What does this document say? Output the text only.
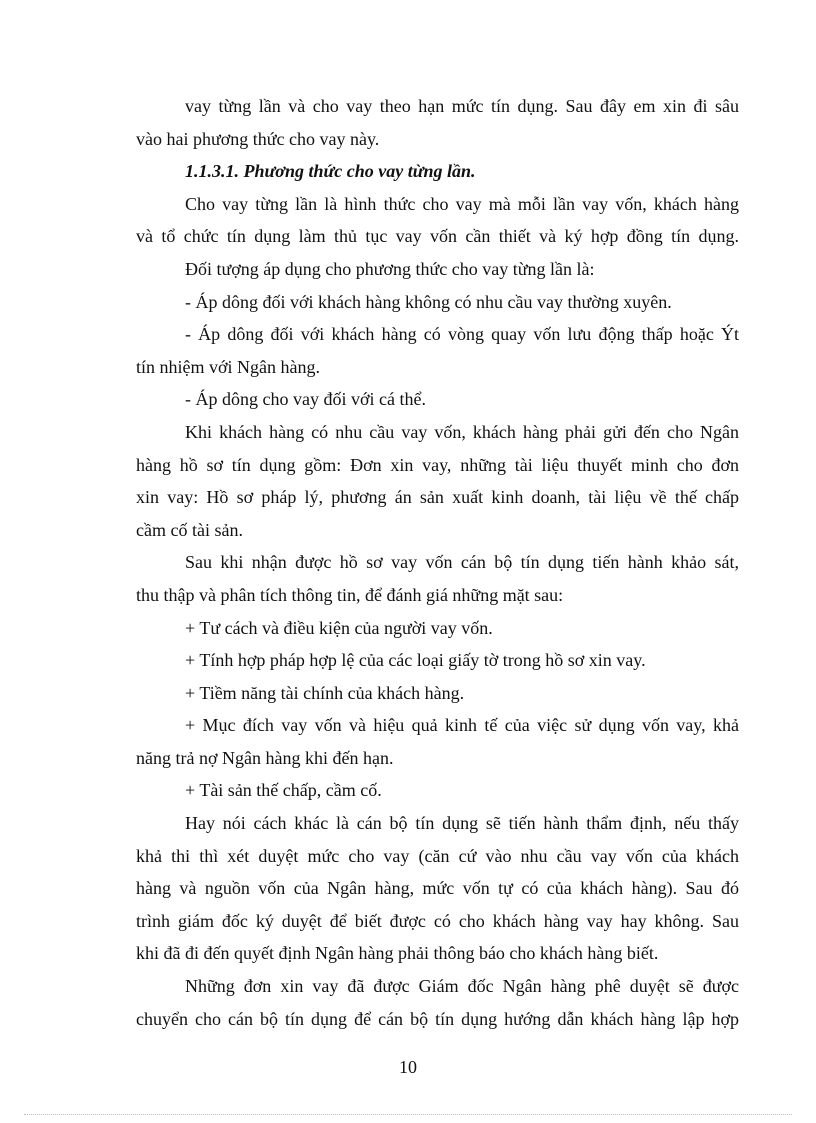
vay từng lần và cho vay theo hạn mức tín dụng. Sau đây em xin đi sâu
vào hai phương thức cho vay này.
1.1.3.1. Phương thức cho vay từng lần.
Cho vay từng lần là hình thức cho vay mà mỗi lần vay vốn, khách hàng
và tổ chức tín dụng làm thủ tục vay vốn cần thiết và ký hợp đồng tín dụng.
Đối tượng áp dụng cho phương thức cho vay từng lần là:
- Áp dông đối với khách hàng không có nhu cầu vay thường xuyên.
- Áp dông đối với khách hàng có vòng quay vốn lưu động thấp hoặc Ýt
tín nhiệm với Ngân hàng.
- Áp dông cho vay đối với cá thể.
Khi khách hàng có nhu cầu vay vốn, khách hàng phải gửi đến cho Ngân
hàng hồ sơ tín dụng gồm: Đơn xin vay, những tài liệu thuyết minh cho đơn
xin vay: Hồ sơ pháp lý, phương án sản xuất kinh doanh, tài liệu về thế chấp
cầm cố tài sản.
Sau khi nhận được hồ sơ vay vốn cán bộ tín dụng tiến hành khảo sát,
thu thập và phân tích thông tin, để đánh giá những mặt sau:
+ Tư cách và điều kiện của người vay vốn.
+ Tính hợp pháp hợp lệ của các loại giấy tờ trong hồ sơ xin vay.
+ Tiềm năng tài chính của khách hàng.
+ Mục đích vay vốn và hiệu quả kinh tế của việc sử dụng vốn vay, khả
năng trả nợ Ngân hàng khi đến hạn.
+ Tài sản thế chấp, cầm cố.
Hay nói cách khác là cán bộ tín dụng sẽ tiến hành thẩm định, nếu thấy
khả thi thì xét duyệt mức cho vay (căn cứ vào nhu cầu vay vốn của khách
hàng và nguồn vốn của Ngân hàng, mức vốn tự có của khách hàng). Sau đó
trình giám đốc ký duyệt để biết được có cho khách hàng vay hay không. Sau
khi đã đi đến quyết định Ngân hàng phải thông báo cho khách hàng biết.
Những đơn xin vay đã được Giám đốc Ngân hàng phê duyệt sẽ được
chuyển cho cán bộ tín dụng để cán bộ tín dụng hướng dẫn khách hàng lập hợp
10
